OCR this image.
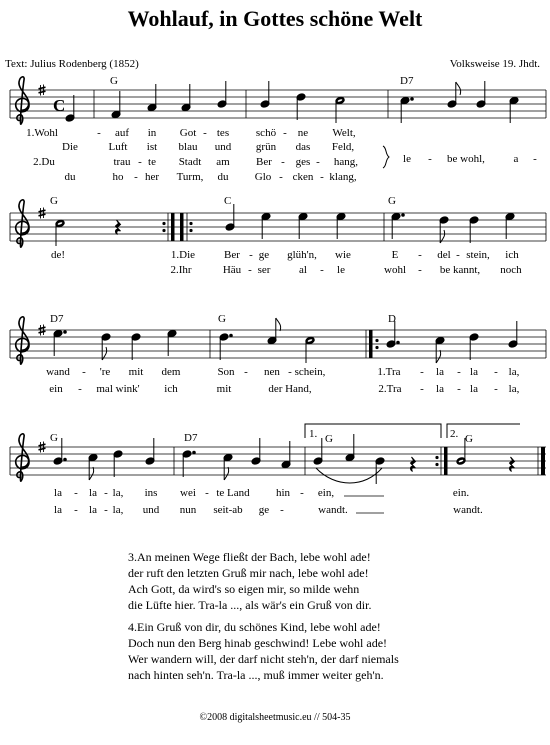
Wohlauf, in Gottes schöne Welt
Text: Julius Rodenberg (1852)	Volksweise 19. Jhdt.
C
G	D7
1.Wohl	- auf in Got - tes schö - ne Welt,
Die	Luft ist blau und grün das Feld,
2.Du	trau - te Stadt am Ber - ges - hang,
du	ho - her Turm, du Glo - cken - klang,
le - be wohl,	a -
G	C	G
de!	1.Die	Ber - ge glüh'n, wie	E - del - stein, ich
2.Ihr	Häu - ser	al - le	wohl - be kannt, noch
D7	G	D
wand - 're mit dem	Son - nen - schein,	1.Tra - la - la - la,
ein - mal wink' ich	mit	der Hand,	2.Tra - la - la - la,
1.	2.
G	D7	G	G
la - la - la, ins wei - te Land hin - ein,	ein.
la - la - la, und nun seit-ab ge -	wandt.	wandt.
3.An meinen Wege fließt der Bach, lebe wohl ade!
der ruft den letzten Gruß mir nach, lebe wohl ade!
Ach Gott, da wird's so eigen mir, so milde wehn
die Lüfte hier. Tra-la ..., als wär's ein Gruß von dir.
4.Ein Gruß von dir, du schönes Kind, lebe wohl ade!
Doch nun den Berg hinab geschwind! Lebe wohl ade!
Wer wandern will, der darf nicht steh'n, der darf niemals
nach hinten seh'n. Tra-la ..., muß immer weiter geh'n.
©2008 digitalsheetmusic.eu // 504-35
